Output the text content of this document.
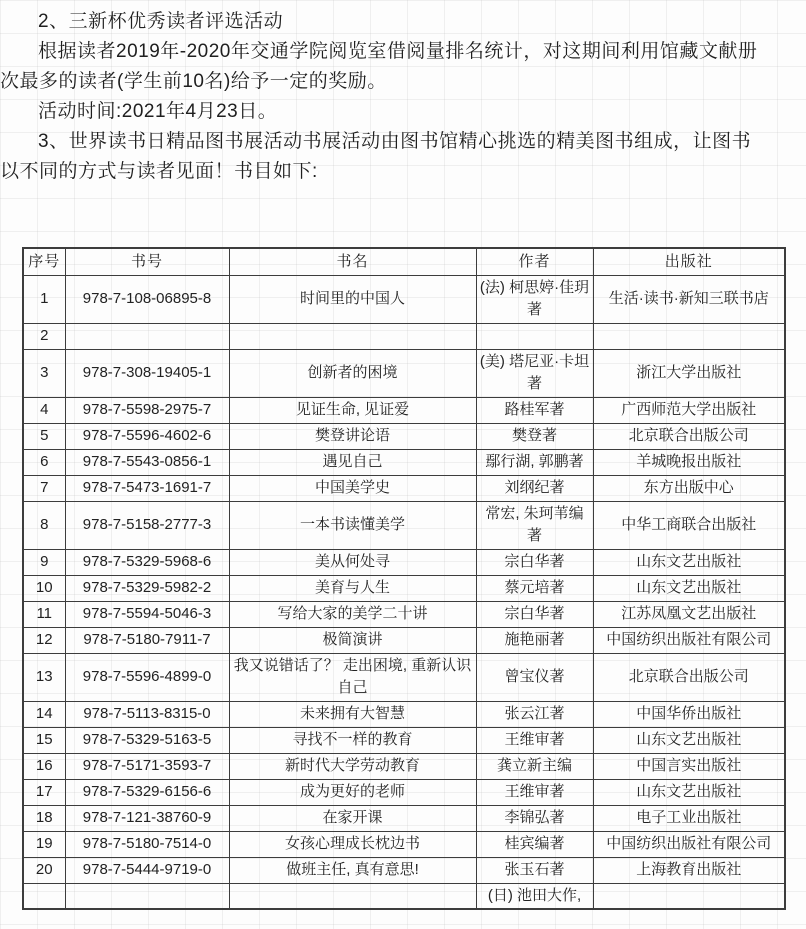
2、三新杯优秀读者评选活动

根据读者2019年-2020年交通学院阅览室借阅量排名统计，对这期间利用馆藏文献册

次最多的读者(学生前10名)给予一定的奖励。

活动时间:2021年4月23日。

3、世界读书日精品图书展活动书展活动由图书馆精心挑选的精美图书组成，让图书

以不同的方式与读者见面！书目如下:

序号	书号	书名	作者	出版社
1	978-7-108-06895-8	时间里的中国人	(法) 柯思婷·佳玥著	生活·读书·新知三联书店
2				
3	978-7-308-19405-1	创新者的困境	(美) 塔尼亚·卡坦著	浙江大学出版社
4	978-7-5598-2975-7	见证生命, 见证爱	路桂军著	广西师范大学出版社
5	978-7-5596-4602-6	樊登讲论语	樊登著	北京联合出版公司
6	978-7-5543-0856-1	遇见自己	鄢行湖, 郭鹏著	羊城晚报出版社
7	978-7-5473-1691-7	中国美学史	刘纲纪著	东方出版中心
8	978-7-5158-2777-3	一本书读懂美学	常宏, 朱珂苇编著	中华工商联合出版社
9	978-7-5329-5968-6	美从何处寻	宗白华著	山东文艺出版社
10	978-7-5329-5982-2	美育与人生	蔡元培著	山东文艺出版社
11	978-7-5594-5046-3	写给大家的美学二十讲	宗白华著	江苏凤凰文艺出版社
12	978-7-5180-7911-7	极简演讲	施艳丽著	中国纺织出版社有限公司
13	978-7-5596-4899-0	我又说错话了？ 走出困境, 重新认识自己	曾宝仪著	北京联合出版公司
14	978-7-5113-8315-0	未来拥有大智慧	张云江著	中国华侨出版社
15	978-7-5329-5163-5	寻找不一样的教育	王维审著	山东文艺出版社
16	978-7-5171-3593-7	新时代大学劳动教育	龚立新主编	中国言实出版社
17	978-7-5329-6156-6	成为更好的老师	王维审著	山东文艺出版社
18	978-7-121-38760-9	在家开课	李锦弘著	电子工业出版社
19	978-7-5180-7514-0	女孩心理成长枕边书	桂宾编著	中国纺织出版社有限公司
20	978-7-5444-9719-0	做班主任, 真有意思!	张玉石著	上海教育出版社
			(日) 池田大作,	
